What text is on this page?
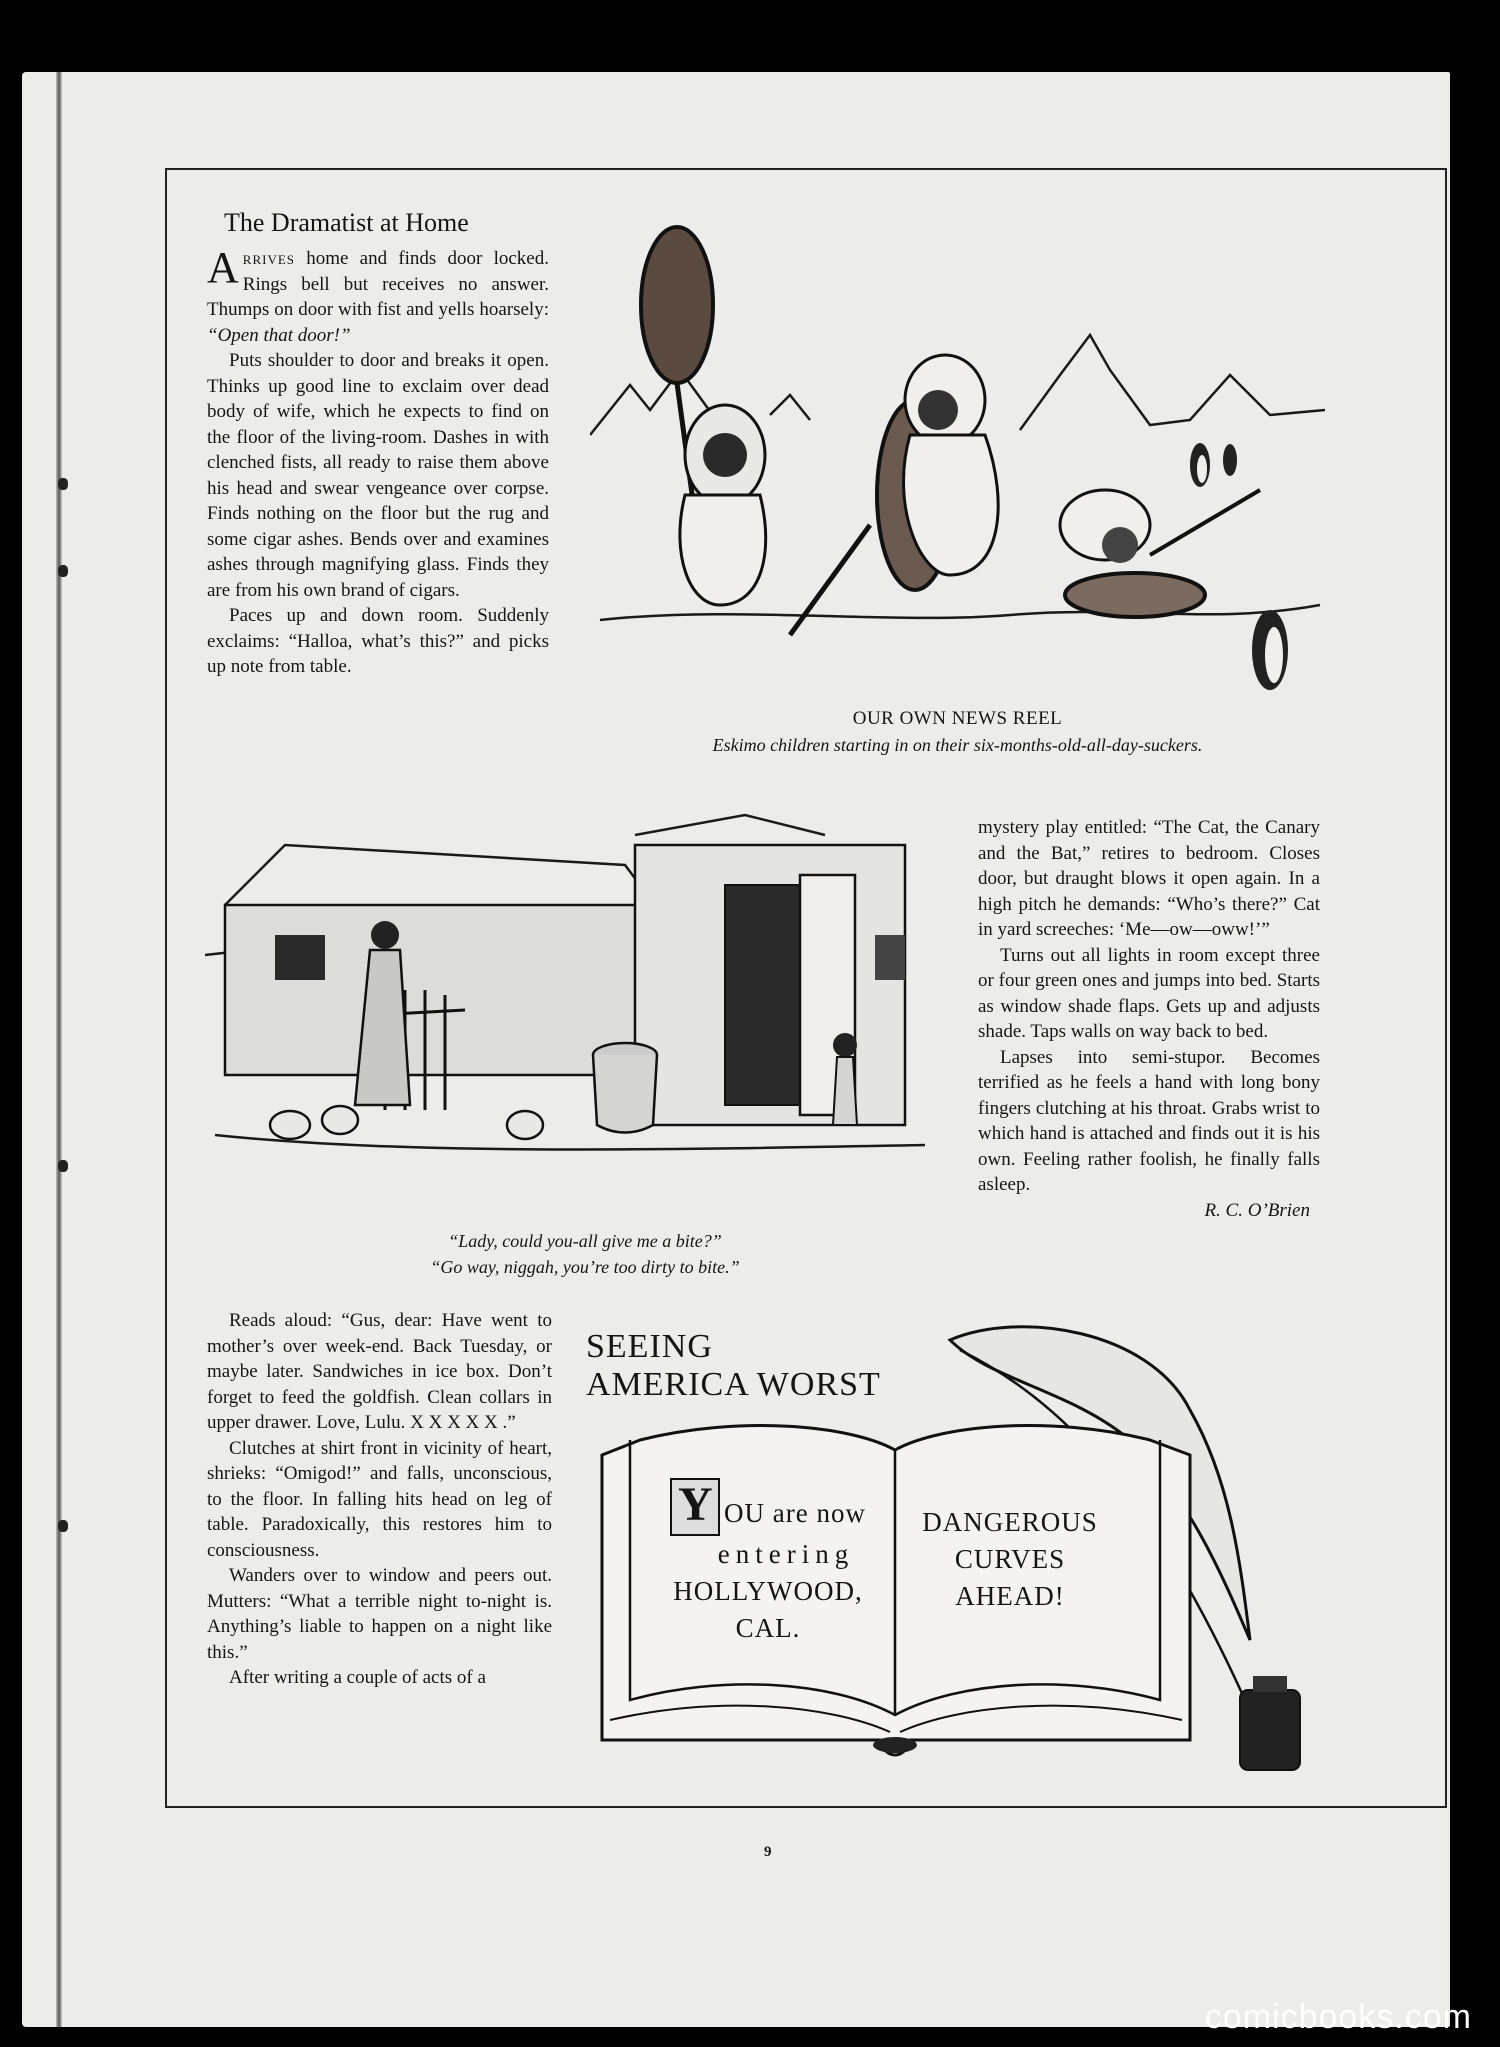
The Dramatist at Home

Arrives home and finds door locked. Rings bell but receives no answer. Thumps on door with fist and yells hoarsely: “Open that door!”

Puts shoulder to door and breaks it open. Thinks up good line to exclaim over dead body of wife, which he expects to find on the floor of the living-room. Dashes in with clenched fists, all ready to raise them above his head and swear vengeance over corpse. Finds nothing on the floor but the rug and some cigar ashes. Bends over and examines ashes through magnifying glass. Finds they are from his own brand of cigars.

Paces up and down room. Suddenly exclaims: “Halloa, what’s this?” and picks up note from table.

OUR OWN NEWS REEL
Eskimo children starting in on their six-months-old-all-day-suckers.
“Lady, could you-all give me a bite?”
“Go way, niggah, you’re too dirty to bite.”

mystery play entitled: “The Cat, the Canary and the Bat,” retires to bedroom. Closes door, but draught blows it open again. In a high pitch he demands: “Who’s there?” Cat in yard screeches: ‘Me—ow—oww!’”

Turns out all lights in room except three or four green ones and jumps into bed. Starts as window shade flaps. Gets up and adjusts shade. Taps walls on way back to bed.

Lapses into semi-stupor. Becomes terrified as he feels a hand with long bony fingers clutching at his throat. Grabs wrist to which hand is attached and finds out it is his own. Feeling rather foolish, he finally falls asleep.

R. C. O’Brien

Reads aloud: “Gus, dear: Have went to mother’s over week-end. Back Tuesday, or maybe later. Sandwiches in ice box. Don’t forget to feed the goldfish. Clean collars in upper drawer. Love, Lulu. X X X X X .”

Clutches at shirt front in vicinity of heart, shrieks: “Omigod!” and falls, unconscious, to the floor. In falling hits head on leg of table. Paradoxically, this restores him to consciousness.

Wanders over to window and peers out. Mutters: “What a terrible night to-night is. Anything’s liable to happen on a night like this.”

After writing a couple of acts of a

SEEING
AMERICA WORST
Y OU are now
entering
HOLLYWOOD,
CAL.
DANGEROUS
CURVES
AHEAD!
9
comicbooks.com
